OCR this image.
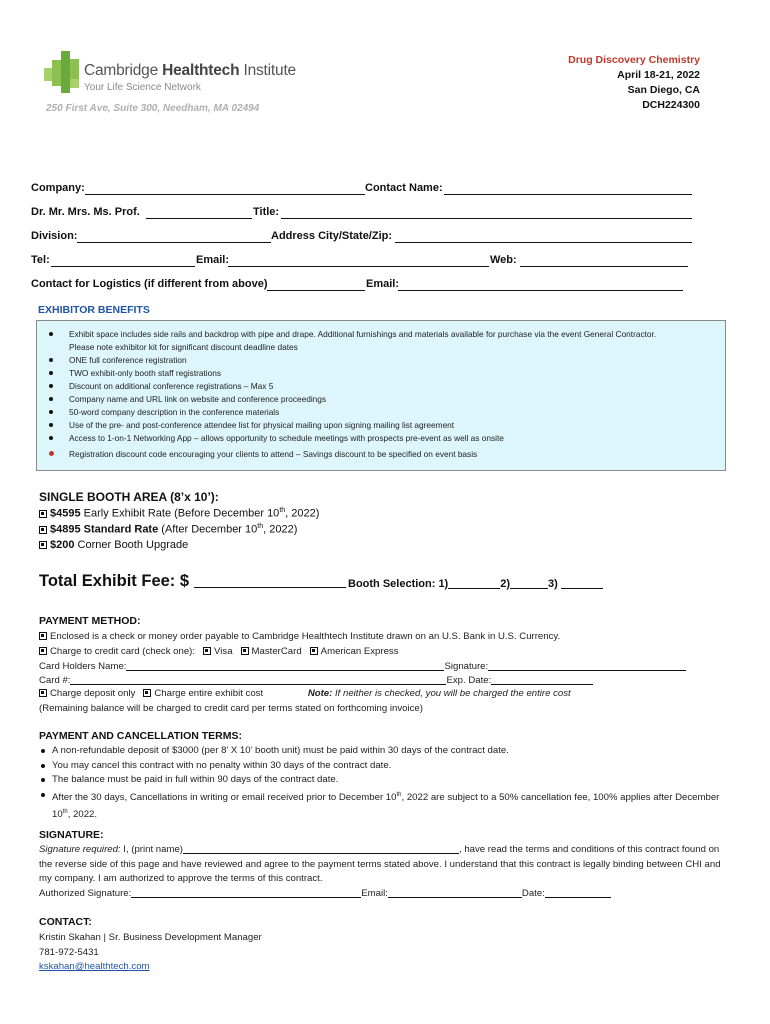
Cambridge Healthtech Institute
Your Life Science Network
250 First Ave, Suite 300, Needham, MA 02494
Drug Discovery Chemistry
April 18-21, 2022
San Diego, CA
DCH224300
Company:	Contact Name:
Dr. Mr. Mrs. Ms. Prof.	Title:
Division:	Address City/State/Zip:
Tel:	Email:	Web:
Contact for Logistics (if different from above)	Email:
EXHIBITOR BENEFITS
Exhibit space includes side rails and backdrop with pipe and drape. Additional furnishings and materials available for purchase via the event General Contractor. Please note exhibitor kit for significant discount deadline dates
ONE full conference registration
TWO exhibit-only booth staff registrations
Discount on additional conference registrations – Max 5
Company name and URL link on website and conference proceedings
50-word company description in the conference materials
Use of the pre- and post-conference attendee list for physical mailing upon signing mailing list agreement
Access to 1-on-1 Networking App – allows opportunity to schedule meetings with prospects pre-event as well as onsite
Registration discount code encouraging your clients to attend – Savings discount to be specified on event basis
SINGLE BOOTH AREA (8’x 10’):
$4595 Early Exhibit Rate (Before December 10th, 2022)
$4895 Standard Rate (After December 10th, 2022)
$200 Corner Booth Upgrade
Total Exhibit Fee: $	Booth Selection: 1)	2)	3)
PAYMENT METHOD:
Enclosed is a check or money order payable to Cambridge Healthtech Institute drawn on an U.S. Bank in U.S. Currency.
Charge to credit card (check one): Visa MasterCard American Express
Card Holders Name:	Signature:
Card #:	Exp. Date:
Charge deposit only Charge entire exhibit cost	Note: If neither is checked, you will be charged the entire cost
(Remaining balance will be charged to credit card per terms stated on forthcoming invoice)
PAYMENT AND CANCELLATION TERMS:
A non-refundable deposit of $3000 (per 8’ X 10’ booth unit) must be paid within 30 days of the contract date.
You may cancel this contract with no penalty within 30 days of the contract date.
The balance must be paid in full within 90 days of the contract date.
After the 30 days, Cancellations in writing or email received prior to December 10th, 2022 are subject to a 50% cancellation fee, 100% applies after December 10th, 2022.
SIGNATURE:
Signature required: I, (print name)	, have read the terms and conditions of this contract found on the reverse side of this page and have reviewed and agree to the payment terms stated above. I understand that this contract is legally binding between CHI and my company. I am authorized to approve the terms of this contract.
Authorized Signature:	Email:	Date:
CONTACT:
Kristin Skahan | Sr. Business Development Manager
781-972-5431
kskahan@healthtech.com
